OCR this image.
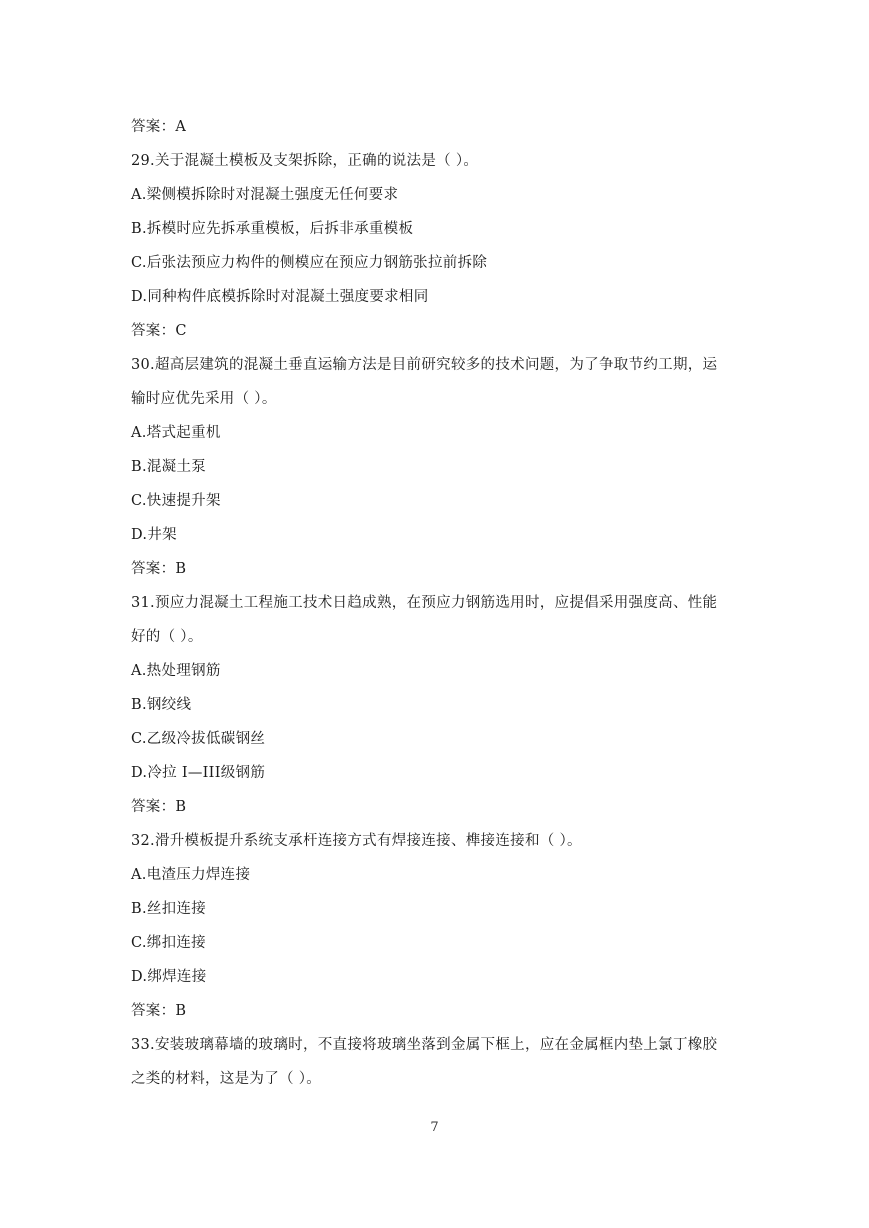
答案：A
29.关于混凝土模板及支架拆除，正确的说法是（ ）。
A.梁侧模拆除时对混凝土强度无任何要求
B.拆模时应先拆承重模板，后拆非承重模板
C.后张法预应力构件的侧模应在预应力钢筋张拉前拆除
D.同种构件底模拆除时对混凝土强度要求相同
答案：C
30.超高层建筑的混凝土垂直运输方法是目前研究较多的技术问题，为了争取节约工期，运
输时应优先采用（ ）。
A.塔式起重机
B.混凝土泵
C.快速提升架
D.井架
答案：B
31.预应力混凝土工程施工技术日趋成熟，在预应力钢筋选用时，应提倡采用强度高、性能
好的（ ）。
A.热处理钢筋
B.钢绞线
C.乙级冷拔低碳钢丝
D.冷拉 I—III级钢筋
答案：B
32.滑升模板提升系统支承杆连接方式有焊接连接、榫接连接和（ ）。
A.电渣压力焊连接
B.丝扣连接
C.绑扣连接
D.绑焊连接
答案：B
33.安装玻璃幕墙的玻璃时，不直接将玻璃坐落到金属下框上，应在金属框内垫上氯丁橡胶
之类的材料，这是为了（ ）。
7
